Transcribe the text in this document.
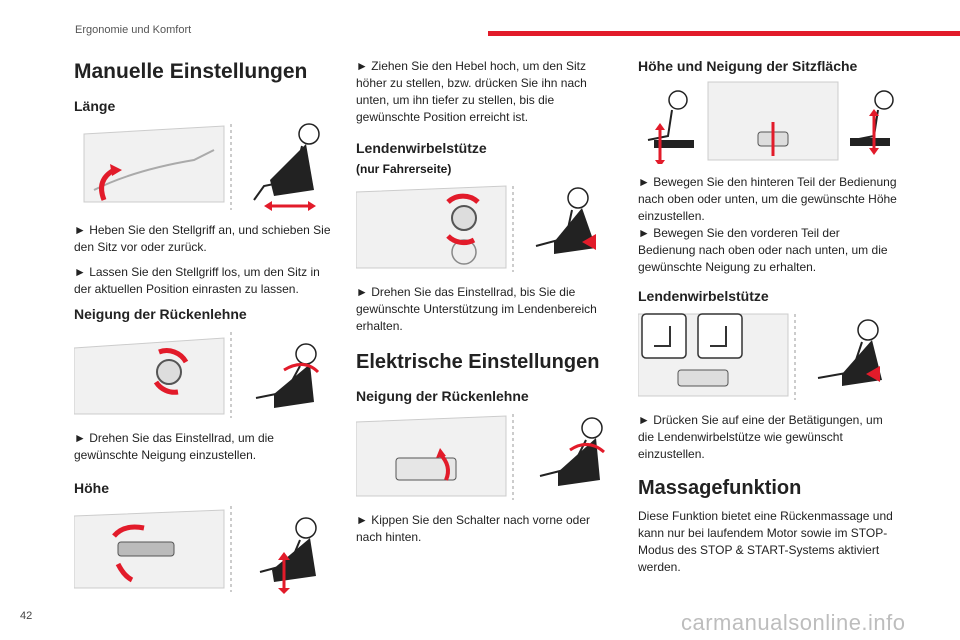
Ergonomie und Komfort
Manuelle Einstellungen
Länge

► Heben Sie den Stellgriff an, und schieben Sie den Sitz vor oder zurück.

► Lassen Sie den Stellgriff los, um den Sitz in der aktuellen Position einrasten zu lassen.

Neigung der Rückenlehne

► Drehen Sie das Einstellrad, um die gewünschte Neigung einzustellen.

Höhe

► Ziehen Sie den Hebel hoch, um den Sitz höher zu stellen, bzw. drücken Sie ihn nach unten, um ihn tiefer zu stellen, bis die gewünschte Position erreicht ist.

Lendenwirbelstütze
(nur Fahrerseite)

► Drehen Sie das Einstellrad, bis Sie die gewünschte Unterstützung im Lendenbereich erhalten.

Elektrische Einstellungen
Neigung der Rückenlehne

► Kippen Sie den Schalter nach vorne oder nach hinten.

Höhe und Neigung der Sitzfläche

► Bewegen Sie den hinteren Teil der Bedienung nach oben oder unten, um die gewünschte Höhe einzustellen.

► Bewegen Sie den vorderen Teil der Bedienung nach oben oder nach unten, um die gewünschte Neigung zu erhalten.

Lendenwirbelstütze

► Drücken Sie auf eine der Betätigungen, um die Lendenwirbelstütze wie gewünscht einzustellen.

Massagefunktion

Diese Funktion bietet eine Rückenmassage und kann nur bei laufendem Motor sowie im STOP-Modus des STOP & START-Systems aktiviert werden.

42	carmanualsonline.info
